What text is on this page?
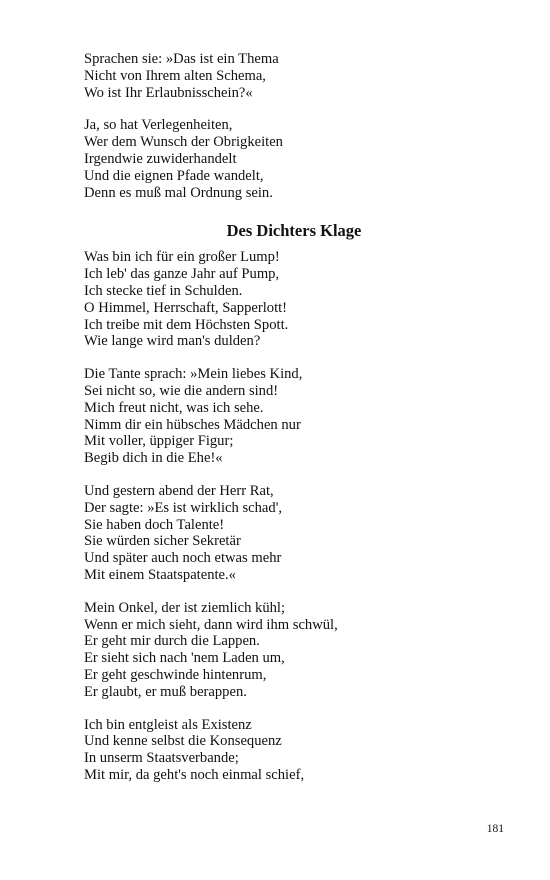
Sprachen sie: »Das ist ein Thema
Nicht von Ihrem alten Schema,
Wo ist Ihr Erlaubnisschein?«
Ja, so hat Verlegenheiten,
Wer dem Wunsch der Obrigkeiten
Irgendwie zuwiderhandelt
Und die eignen Pfade wandelt,
Denn es muß mal Ordnung sein.
Des Dichters Klage
Was bin ich für ein großer Lump!
Ich leb' das ganze Jahr auf Pump,
Ich stecke tief in Schulden.
O Himmel, Herrschaft, Sapperlott!
Ich treibe mit dem Höchsten Spott.
Wie lange wird man's dulden?
Die Tante sprach: »Mein liebes Kind,
Sei nicht so, wie die andern sind!
Mich freut nicht, was ich sehe.
Nimm dir ein hübsches Mädchen nur
Mit voller, üppiger Figur;
Begib dich in die Ehe!«
Und gestern abend der Herr Rat,
Der sagte: »Es ist wirklich schad',
Sie haben doch Talente!
Sie würden sicher Sekretär
Und später auch noch etwas mehr
Mit einem Staatspatente.«
Mein Onkel, der ist ziemlich kühl;
Wenn er mich sieht, dann wird ihm schwül,
Er geht mir durch die Lappen.
Er sieht sich nach 'nem Laden um,
Er geht geschwinde hintenrum,
Er glaubt, er muß berappen.
Ich bin entgleist als Existenz
Und kenne selbst die Konsequenz
In unserm Staatsverbande;
Mit mir, da geht's noch einmal schief,
181
